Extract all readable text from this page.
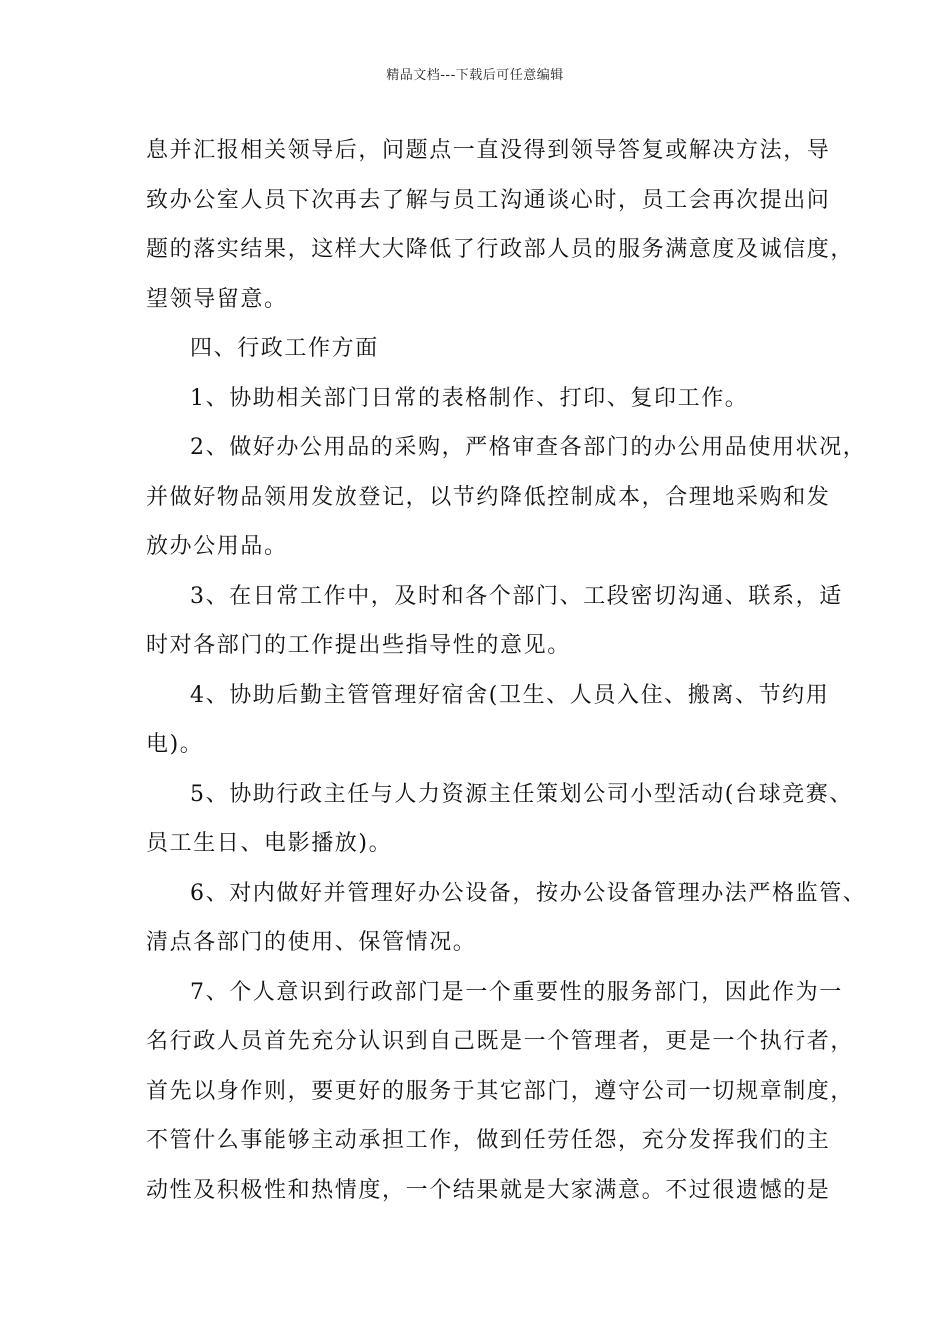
精品文档---下载后可任意编辑

息并汇报相关领导后，问题点一直没得到领导答复或解决方法，导
致办公室人员下次再去了解与员工沟通谈心时，员工会再次提出问
题的落实结果，这样大大降低了行政部人员的服务满意度及诚信度，
望领导留意。
四、行政工作方面
1、协助相关部门日常的表格制作、打印、复印工作。
2、做好办公用品的采购，严格审查各部门的办公用品使用状况，
并做好物品领用发放登记，以节约降低控制成本，合理地采购和发
放办公用品。
3、在日常工作中，及时和各个部门、工段密切沟通、联系，适
时对各部门的工作提出些指导性的意见。
4、协助后勤主管管理好宿舍(卫生、人员入住、搬离、节约用
电)。
5、协助行政主任与人力资源主任策划公司小型活动(台球竞赛、
员工生日、电影播放)。
6、对内做好并管理好办公设备，按办公设备管理办法严格监管、
清点各部门的使用、保管情况。
7、个人意识到行政部门是一个重要性的服务部门，因此作为一
名行政人员首先充分认识到自己既是一个管理者，更是一个执行者，
首先以身作则，要更好的服务于其它部门，遵守公司一切规章制度，
不管什么事能够主动承担工作，做到任劳任怨，充分发挥我们的主
动性及积极性和热情度，一个结果就是大家满意。不过很遗憾的是
